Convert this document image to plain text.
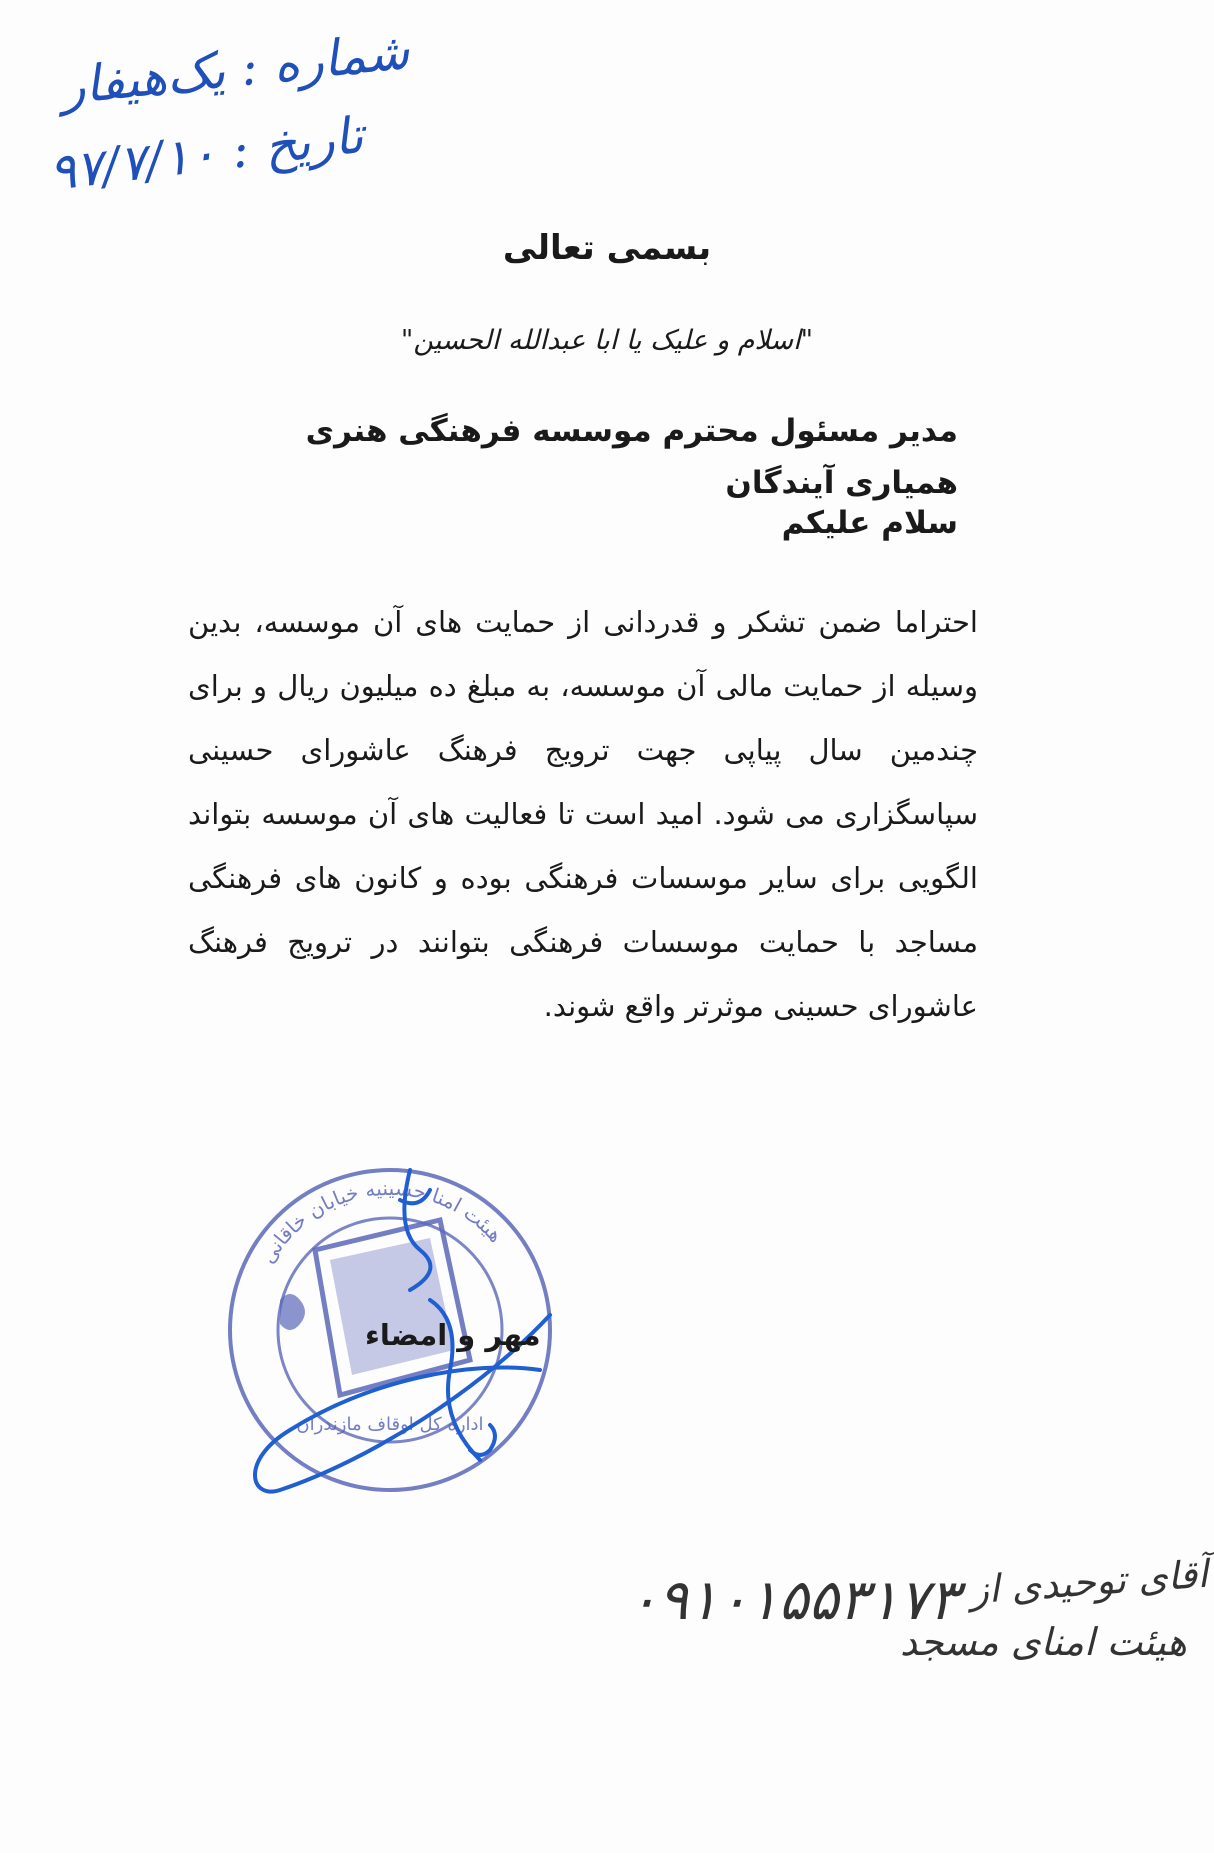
شماره : یک‌هیفار
تاریخ : ۹۷/۷/۱۰
بسمی تعالی
"اسلام و علیک یا ابا عبدالله الحسین"
مدیر مسئول محترم موسسه فرهنگی هنری همیاری آیندگان
سلام علیکم
احتراما ضمن تشکر و قدردانی از حمایت های آن موسسه، بدین وسیله از حمایت مالی آن موسسه، به مبلغ ده میلیون ریال و برای چندمین سال پیاپی جهت ترویج فرهنگ عاشورای حسینی سپاسگزاری می شود. امید است تا فعالیت های آن موسسه بتواند الگویی برای سایر موسسات فرهنگی بوده و کانون های فرهنگی مساجد با حمایت موسسات فرهنگی بتوانند در ترویج فرهنگ عاشورای حسینی موثرتر واقع شوند.
هیئت امنا حسینیه خیابان خاقانی
اداره کل اوقاف مازندران
مهر و امضاء
۰۹۱۰۱۵۵۳۱۷۳ آقای توحیدی از
هیئت امنای مسجد
